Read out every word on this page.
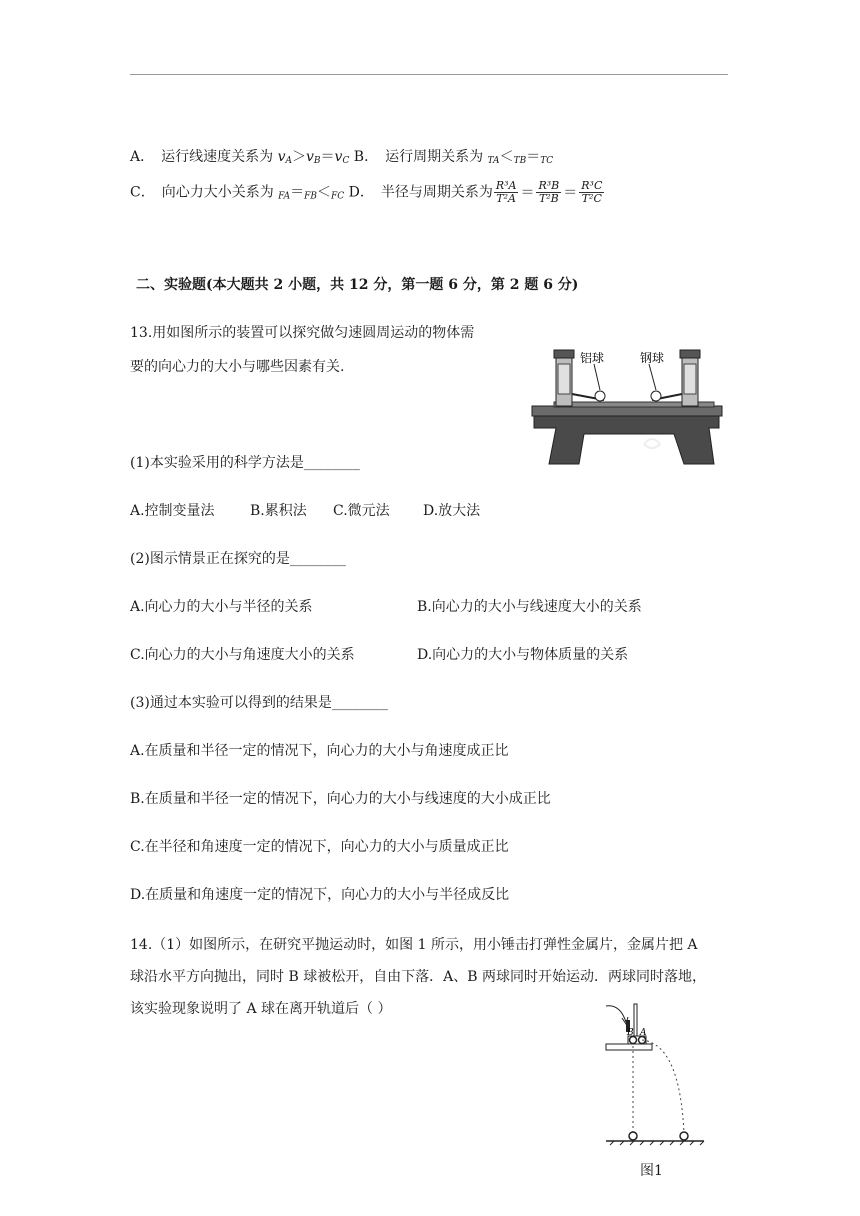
A．　运行线速度关系为 $v_A>v_B=v_C$ B．　运行周期关系为 $_{TA}<_{TB}=_{TC}$
C．　向心力大小关系为 $_{FA}=_{FB}<_{FC}$ D．　半径与周期关系为 $\frac{\text{R³A}}{\text{T²A}} = \frac{\text{R³B}}{\text{T²B}} = \frac{\text{R³C}}{\text{T²C}}$
二、实验题(本大题共 2 小题，共 12 分，第一题 6 分，第 2 题 6 分)
13.用如图所示的装置可以探究做匀速圆周运动的物体需
要的向心力的大小与哪些因素有关.
铝球	钢球
(1)本实验采用的科学方法是________
A.控制变量法	B.累积法 C.微元法 D.放大法
(2)图示情景正在探究的是________
A.向心力的大小与半径的关系	B.向心力的大小与线速度大小的关系
C.向心力的大小与角速度大小的关系	D.向心力的大小与物体质量的关系
(3)通过本实验可以得到的结果是________
A.在质量和半径一定的情况下，向心力的大小与角速度成正比
B.在质量和半径一定的情况下，向心力的大小与线速度的大小成正比
C.在半径和角速度一定的情况下，向心力的大小与质量成正比
D.在质量和角速度一定的情况下，向心力的大小与半径成反比
14.（1）如图所示，在研究平抛运动时，如图 1 所示，用小锤击打弹性金属片，金属片把 A
球沿水平方向抛出，同时 B 球被松开，自由下落．A、B 两球同时开始运动．两球同时落地，
该实验现象说明了 A 球在离开轨道后（ ）
B A
图1
